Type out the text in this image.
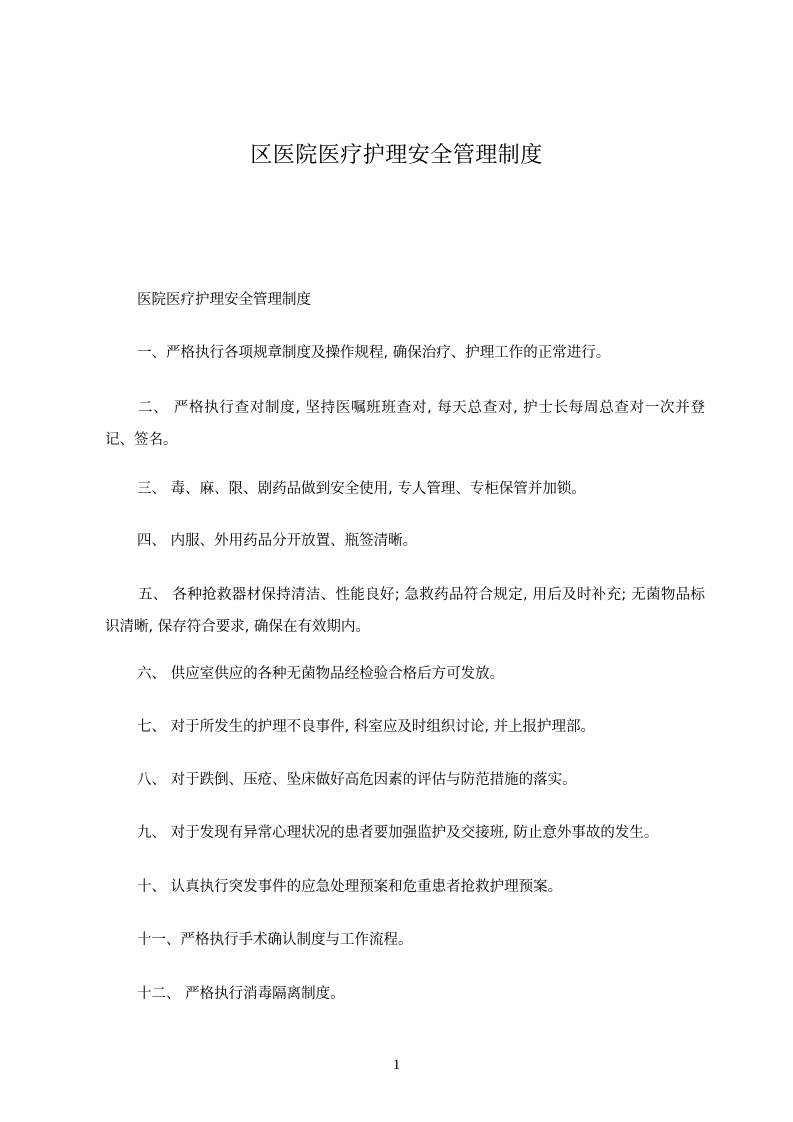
区医院医疗护理安全管理制度
医院医疗护理安全管理制度
一、严格执行各项规章制度及操作规程, 确保治疗、护理工作的正常进行。
二、 严格执行查对制度, 坚持医嘱班班查对, 每天总查对, 护士长每周总查对一次并登记、签名。
三、 毒、麻、限、剧药品做到安全使用, 专人管理、专柜保管并加锁。
四、 内服、外用药品分开放置、瓶签清晰。
五、 各种抢救器材保持清洁、性能良好; 急救药品符合规定, 用后及时补充; 无菌物品标识清晰, 保存符合要求, 确保在有效期内。
六、 供应室供应的各种无菌物品经检验合格后方可发放。
七、 对于所发生的护理不良事件, 科室应及时组织讨论, 并上报护理部。
八、 对于跌倒、压疮、坠床做好高危因素的评估与防范措施的落实。
九、 对于发现有异常心理状况的患者要加强监护及交接班, 防止意外事故的发生。
十、 认真执行突发事件的应急处理预案和危重患者抢救护理预案。
十一、严格执行手术确认制度与工作流程。
十二、 严格执行消毒隔离制度。
1
